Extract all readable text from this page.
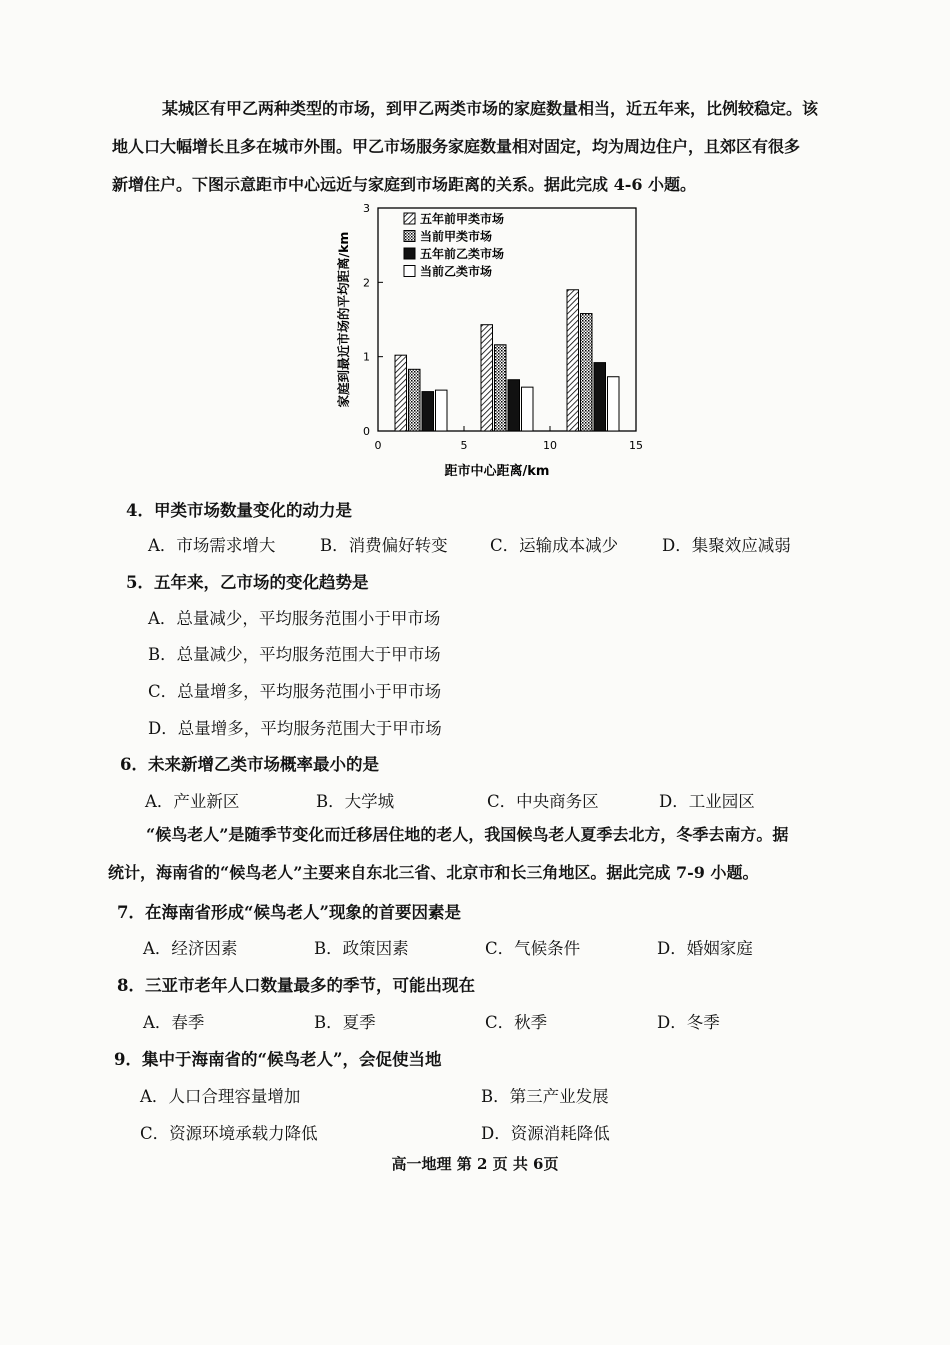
某城区有甲乙两种类型的市场，到甲乙两类市场的家庭数量相当，近五年来，比例较稳定。该
地人口大幅增长且多在城市外围。甲乙市场服务家庭数量相对固定，均为周边住户，且郊区有很多
新增住户。下图示意距市中心远近与家庭到市场距离的关系。据此完成 4-6 小题。
0
1
2
3
0	5	10	15
距市中心距离/km
家庭到最近市场的平均距离/km
五年前甲类市场
当前甲类市场
五年前乙类市场
当前乙类市场
4．甲类市场数量变化的动力是
A．市场需求增大	B．消费偏好转变	C．运输成本减少	D．集聚效应减弱
5．五年来，乙市场的变化趋势是
A．总量减少，平均服务范围小于甲市场
B．总量减少，平均服务范围大于甲市场
C．总量增多，平均服务范围小于甲市场
D．总量增多，平均服务范围大于甲市场
6．未来新增乙类市场概率最小的是
A．产业新区	B．大学城	C．中央商务区	D．工业园区
“候鸟老人”是随季节变化而迁移居住地的老人，我国候鸟老人夏季去北方，冬季去南方。据
统计，海南省的“候鸟老人”主要来自东北三省、北京市和长三角地区。据此完成 7-9 小题。
7．在海南省形成“候鸟老人”现象的首要因素是
A．经济因素	B．政策因素	C．气候条件	D．婚姻家庭
8．三亚市老年人口数量最多的季节，可能出现在
A．春季	B．夏季	C．秋季	D．冬季
9．集中于海南省的“候鸟老人”，会促使当地
A．人口合理容量增加	B．第三产业发展
C．资源环境承载力降低	D．资源消耗降低
高一地理 第 2 页 共 6页
